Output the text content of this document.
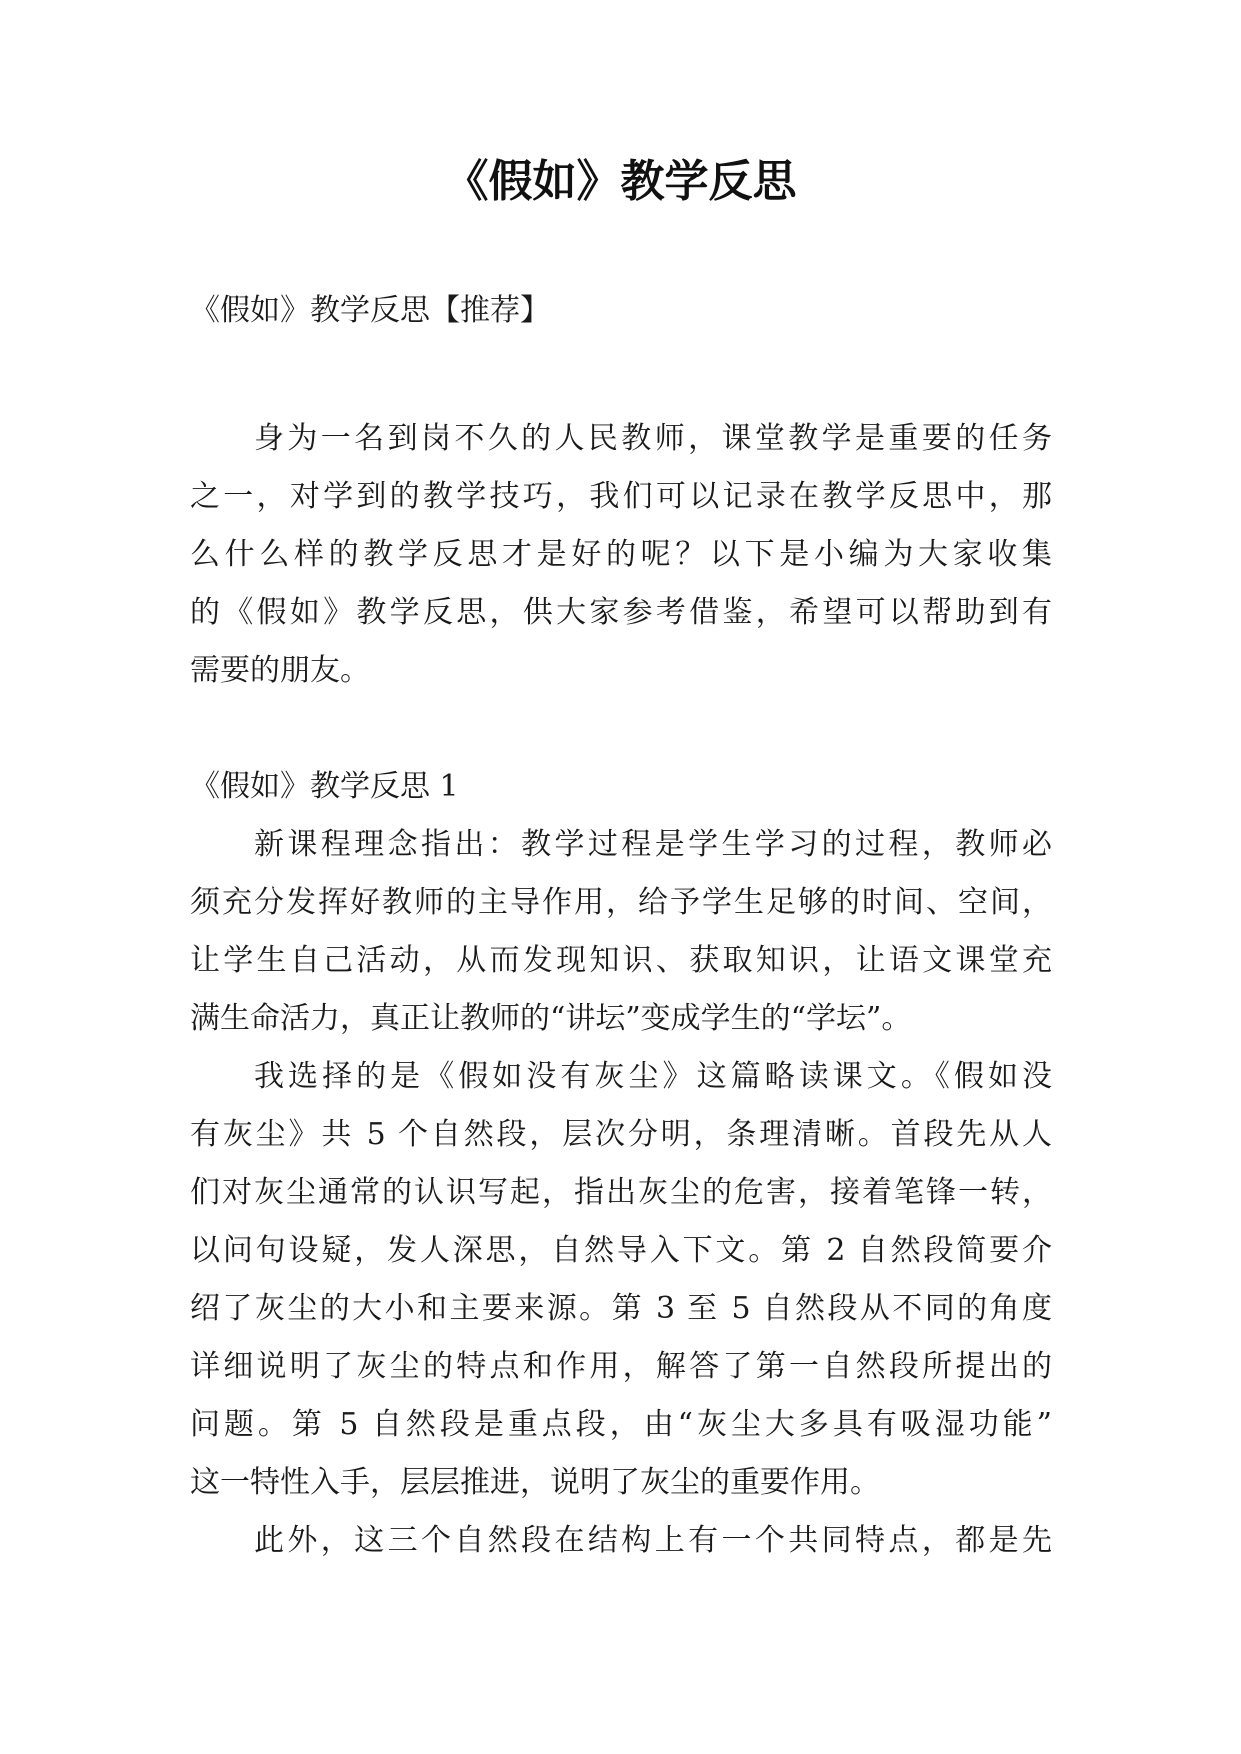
《假如》教学反思

《假如》教学反思【推荐】

身为一名到岗不久的人民教师，课堂教学是重要的任务
之一，对学到的教学技巧，我们可以记录在教学反思中，那
么什么样的教学反思才是好的呢？以下是小编为大家收集
的《假如》教学反思，供大家参考借鉴，希望可以帮助到有
需要的朋友。

《假如》教学反思 1

新课程理念指出：教学过程是学生学习的过程，教师必
须充分发挥好教师的主导作用，给予学生足够的时间、空间，
让学生自己活动，从而发现知识、获取知识，让语文课堂充
满生命活力，真正让教师的“讲坛”变成学生的“学坛”。
我选择的是《假如没有灰尘》这篇略读课文。《假如没
有灰尘》共 5 个自然段，层次分明，条理清晰。首段先从人
们对灰尘通常的认识写起，指出灰尘的危害，接着笔锋一转，
以问句设疑，发人深思，自然导入下文。第 2 自然段简要介
绍了灰尘的大小和主要来源。第 3 至 5 自然段从不同的角度
详细说明了灰尘的特点和作用，解答了第一自然段所提出的
问题。第 5 自然段是重点段，由“灰尘大多具有吸湿功能”
这一特性入手，层层推进，说明了灰尘的重要作用。
此外，这三个自然段在结构上有一个共同特点，都是先
